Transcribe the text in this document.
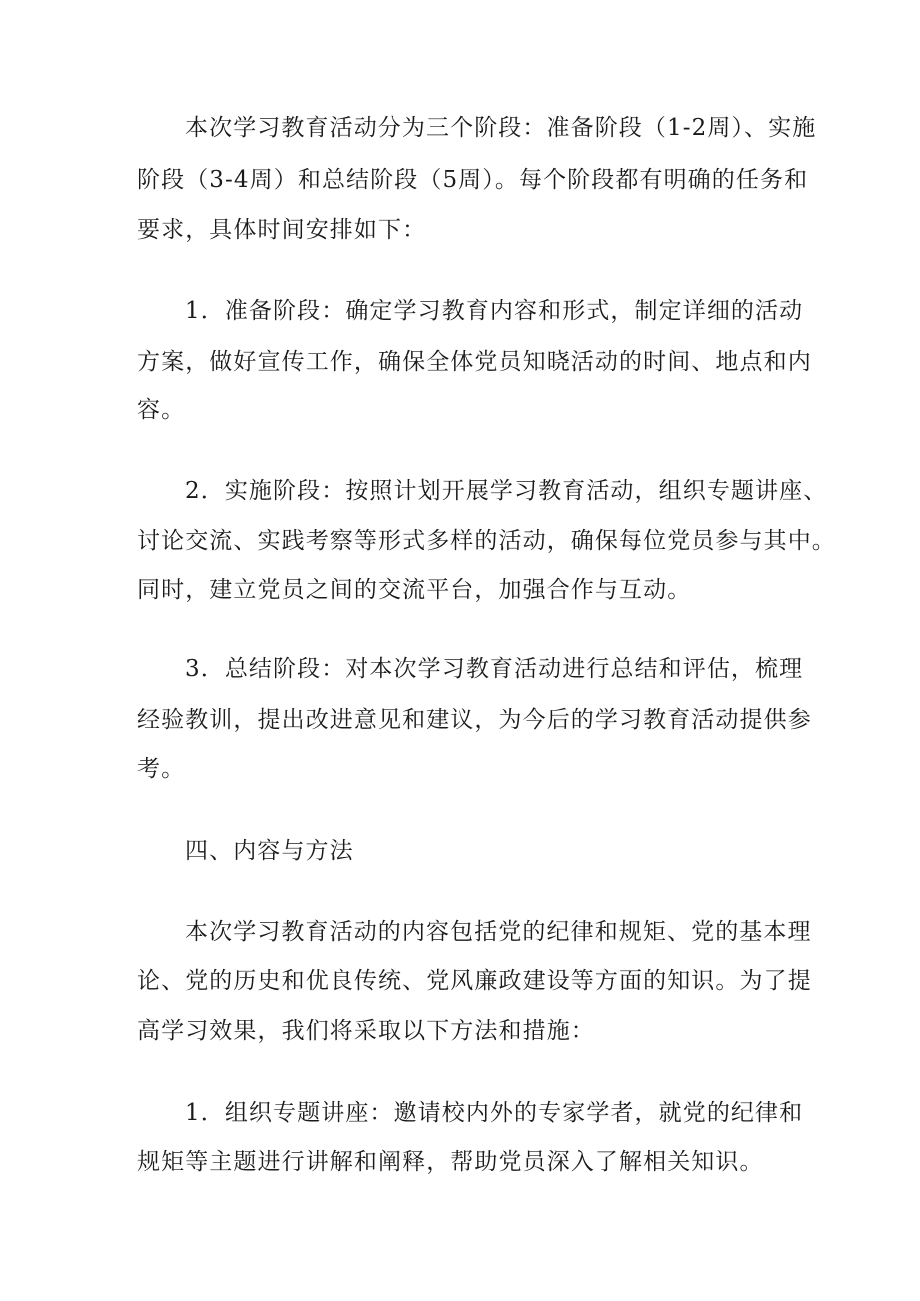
本次学习教育活动分为三个阶段：准备阶段（1-2周）、实施
阶段（3-4周）和总结阶段（5周）。每个阶段都有明确的任务和
要求，具体时间安排如下：
1．准备阶段：确定学习教育内容和形式，制定详细的活动
方案，做好宣传工作，确保全体党员知晓活动的时间、地点和内
容。
2．实施阶段：按照计划开展学习教育活动，组织专题讲座、
讨论交流、实践考察等形式多样的活动，确保每位党员参与其中。
同时，建立党员之间的交流平台，加强合作与互动。
3．总结阶段：对本次学习教育活动进行总结和评估，梳理
经验教训，提出改进意见和建议，为今后的学习教育活动提供参
考。
四、内容与方法
本次学习教育活动的内容包括党的纪律和规矩、党的基本理
论、党的历史和优良传统、党风廉政建设等方面的知识。为了提
高学习效果，我们将采取以下方法和措施：
1．组织专题讲座：邀请校内外的专家学者，就党的纪律和
规矩等主题进行讲解和阐释，帮助党员深入了解相关知识。
